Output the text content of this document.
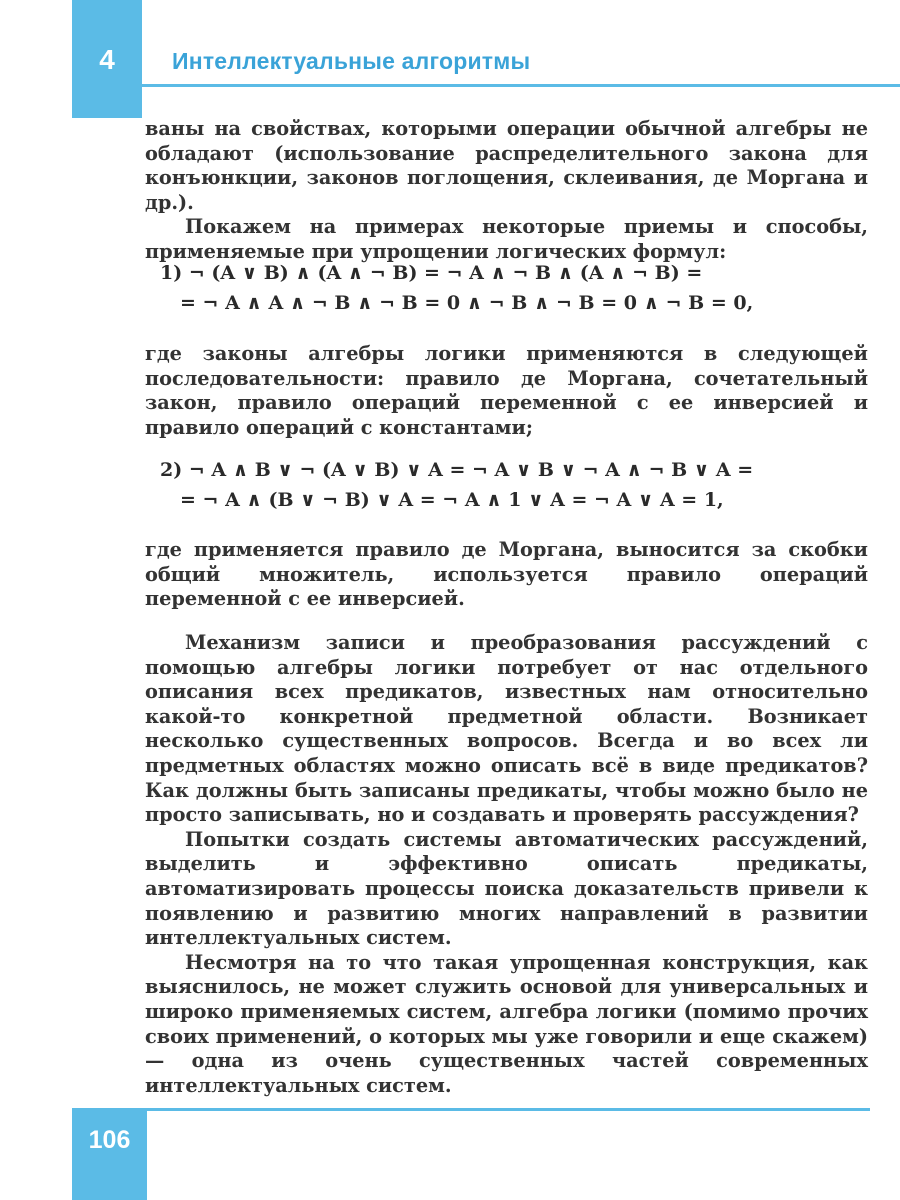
4	Интеллектуальные алгоритмы

ваны на свойствах, которыми операции обычной алгебры не обладают (использование распределительного закона для конъюнкции, законов поглощения, склеивания, де Моргана и др.).

Покажем на примерах некоторые приемы и способы, применяемые при упрощении логических формул:

1) ¬ (A ∨ B) ∧ (A ∧ ¬ B) = ¬ A ∧ ¬ B ∧ (A ∧ ¬ B) =
= ¬ A ∧ A ∧ ¬ B ∧ ¬ B = 0 ∧ ¬ B ∧ ¬ B = 0 ∧ ¬ B = 0,

где законы алгебры логики применяются в следующей последовательности: правило де Моргана, сочетательный закон, правило операций переменной с ее инверсией и правило операций с константами;

2) ¬ A ∧ B ∨ ¬ (A ∨ B) ∨ A = ¬ A ∨ B ∨ ¬ A ∧ ¬ B ∨ A =
= ¬ A ∧ (B ∨ ¬ B) ∨ A = ¬ A ∧ 1 ∨ A = ¬ A ∨ A = 1,

где применяется правило де Моргана, выносится за скобки общий множитель, используется правило операций переменной с ее инверсией.

Механизм записи и преобразования рассуждений с помощью алгебры логики потребует от нас отдельного описания всех предикатов, известных нам относительно какой-то конкретной предметной области. Возникает несколько существенных вопросов. Всегда и во всех ли предметных областях можно описать всё в виде предикатов? Как должны быть записаны предикаты, чтобы можно было не просто записывать, но и создавать и проверять рассуждения?

Попытки создать системы автоматических рассуждений, выделить и эффективно описать предикаты, автоматизировать процессы поиска доказательств привели к появлению и развитию многих направлений в развитии интеллектуальных систем.

Несмотря на то что такая упрощенная конструкция, как выяснилось, не может служить основой для универсальных и широко применяемых систем, алгебра логики (помимо прочих своих применений, о которых мы уже говорили и еще скажем) — одна из очень существенных частей современных интеллектуальных систем.

106
